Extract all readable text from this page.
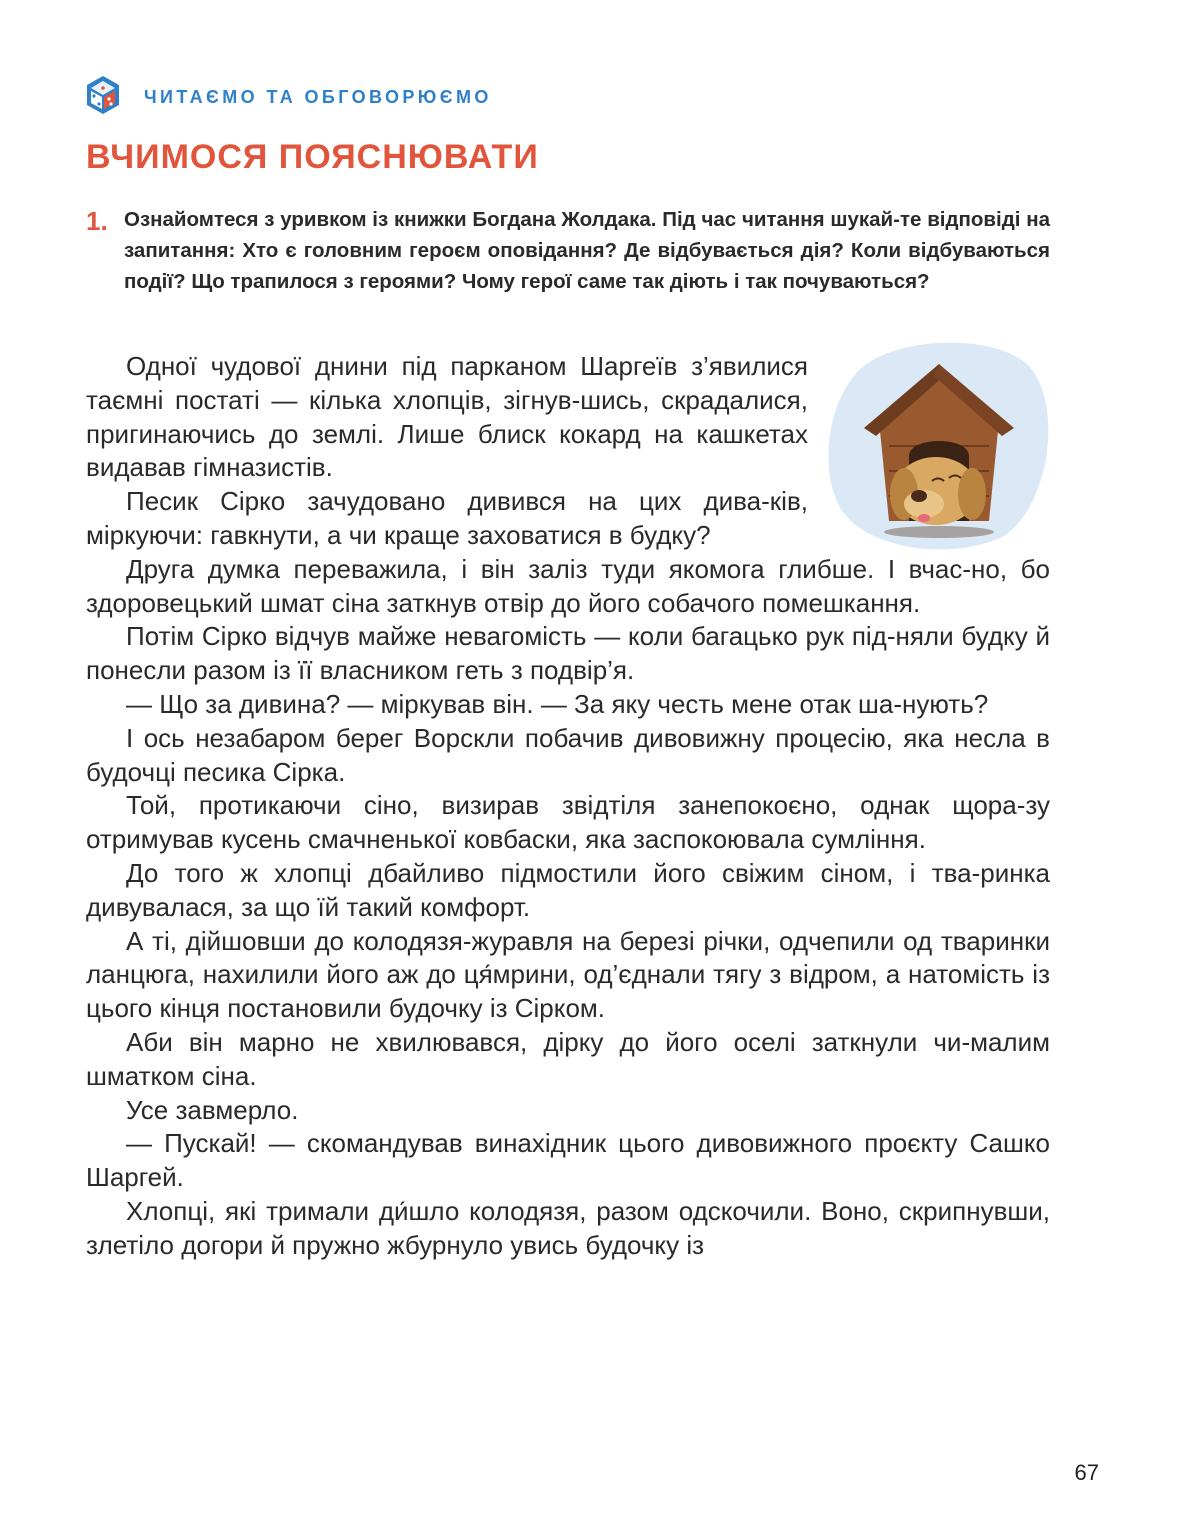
ЧИТАЄМО ТА ОБГОВОРЮЄМО
ВЧИМОСЯ ПОЯСНЮВАТИ
1. Ознайомтеся з уривком із книжки Богдана Жолдака. Під час читання шукай-те відповіді на запитання: Хто є головним героєм оповідання? Де відбувається дія? Коли відбуваються події? Що трапилося з героями? Чому герої саме так діють і так почуваються?

Одної чудової днини під парканом Шаргеїв з’явилися таємні постаті — кілька хлопців, зігнув-шись, скрадалися, пригинаючись до землі. Лише блиск кокард на кашкетах видавав гімназистів.

Песик Сірко зачудовано дивився на цих дива-ків, міркуючи: гавкнути, а чи краще заховатися в будку?

Друга думка переважила, і він заліз туди якомога глибше. І вчас-но, бо здоровецький шмат сіна заткнув отвір до його собачого помешкання.

Потім Сірко відчув майже невагомість — коли багацько рук під-няли будку й понесли разом із її власником геть з подвір’я.

— Що за дивина? — міркував він. — За яку честь мене отак ша-нують?

І ось незабаром берег Ворскли побачив дивовижну процесію, яка несла в будочці песика Сірка.

Той, протикаючи сіно, визирав звідтіля занепокоєно, однак щора-зу отримував кусень смачненької ковбаски, яка заспокоювала сумління.

До того ж хлопці дбайливо підмостили його свіжим сіном, і тва-ринка дивувалася, за що їй такий комфорт.

А ті, дійшовши до колодязя-журавля на березі річки, одчепили од тваринки ланцюга, нахилили його аж до ця́мрини, од’єднали тягу з відром, а натомість із цього кінця постановили будочку із Сірком.

Аби він марно не хвилювався, дірку до його оселі заткнули чи-малим шматком сіна.

Усе завмерло.

— Пускай! — скомандував винахідник цього дивовижного проєкту Сашко Шаргей.

Хлопці, які тримали ди́шло колодязя, разом одскочили. Воно, скрипнувши, злетіло догори й пружно жбурнуло увись будочку із

67
